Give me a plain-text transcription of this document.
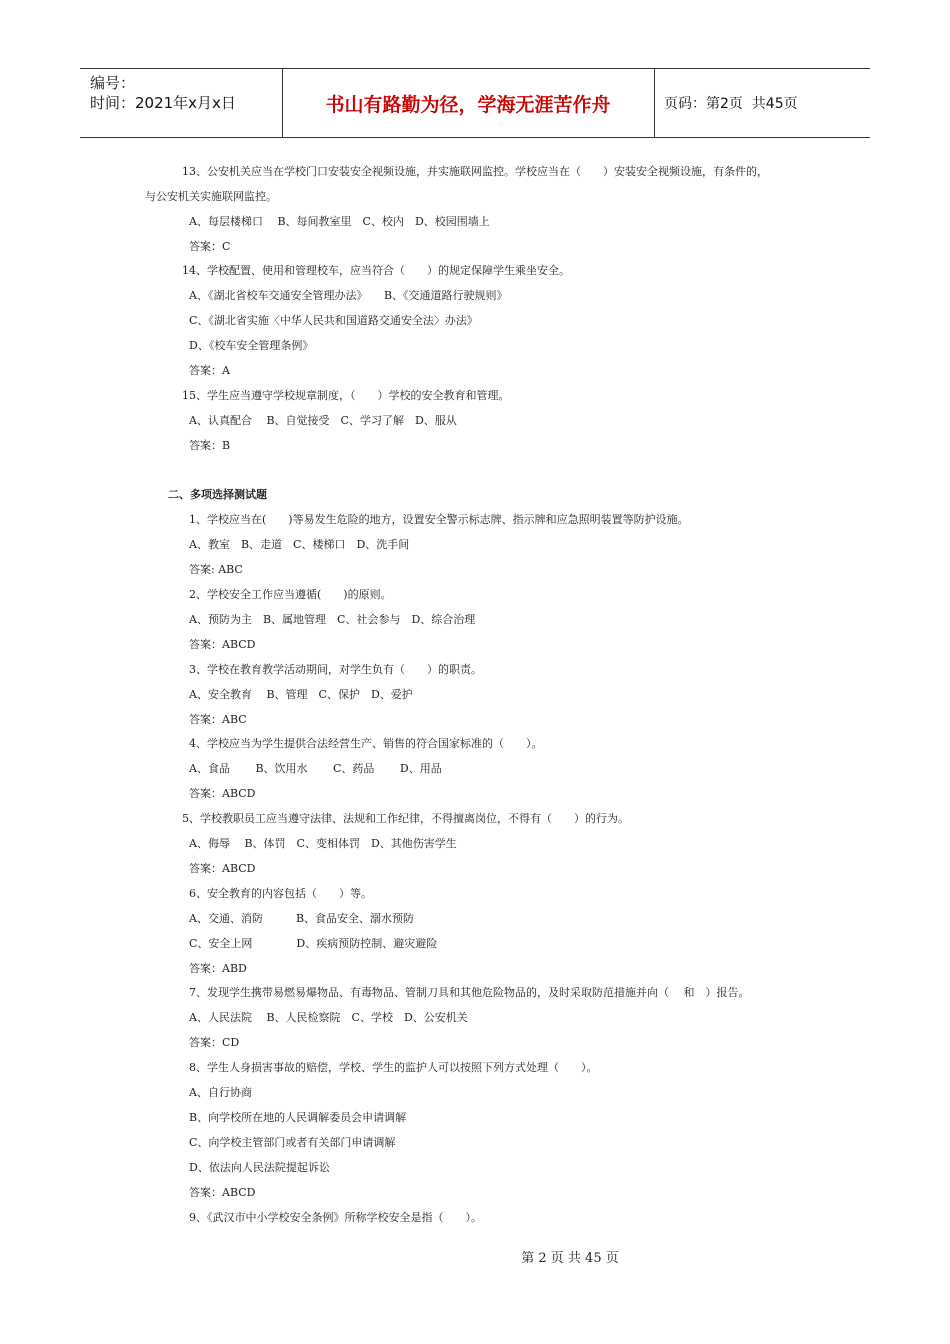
编号：
时间：2021年x月x日	书山有路勤为径，学海无涯苦作舟	页码：第2页  共45页
13、公安机关应当在学校门口安装安全视频设施，并实施联网监控。学校应当在（　　）安装安全视频设施，有条件的，
与公安机关实施联网监控。
A、每层楼梯口　 B、每间教室里　C、校内　D、校园围墙上
答案：C
14、学校配置、使用和管理校车，应当符合（　　）的规定保障学生乘坐安全。
A、《湖北省校车交通安全管理办法》　　B、《交通道路行驶规则》
C、《湖北省实施〈中华人民共和国道路交通安全法〉办法》
D、《校车安全管理条例》
答案：A
15、学生应当遵守学校规章制度，（　　）学校的安全教育和管理。
A、认真配合　 B、自觉接受　C、学习了解　D、服从
答案：B
二、多项选择测试题
1、学校应当在(　　)等易发生危险的地方，设置安全警示标志牌、指示牌和应急照明装置等防护设施。
A、教室　B、走道　C、楼梯口　D、洗手间
答案: ABC
2、学校安全工作应当遵循(　　)的原则。
A、预防为主　B、属地管理　C、社会参与　D、综合治理
答案：ABCD
3、学校在教育教学活动期间，对学生负有（　　）的职责。
A、安全教育　 B、管理　C、保护　D、爱护
答案：ABC
4、学校应当为学生提供合法经营生产、销售的符合国家标准的（　　）。
A、食品　　 B、饮用水　　 C、药品　　 D、用品
答案：ABCD
5、学校教职员工应当遵守法律、法规和工作纪律，不得擅离岗位，不得有（　　）的行为。
A、侮辱　 B、体罚　C、变相体罚　D、其他伤害学生
答案：ABCD
6、安全教育的内容包括（　　）等。
A、交通、消防　　　B、食品安全、溺水预防
C、安全上网　　　　D、疾病预防控制、避灾避险
答案：ABD
7、发现学生携带易燃易爆物品、有毒物品、管制刀具和其他危险物品的，及时采取防范措施并向（　 和　）报告。
A、人民法院　 B、人民检察院　C、学校　D、公安机关
答案：CD
8、学生人身损害事故的赔偿，学校、学生的监护人可以按照下列方式处理（　　）。
A、自行协商
B、向学校所在地的人民调解委员会申请调解
C、向学校主管部门或者有关部门申请调解
D、依法向人民法院提起诉讼
答案：ABCD
9、《武汉市中小学校安全条例》所称学校安全是指（　　）。
第 2 页 共 45 页
